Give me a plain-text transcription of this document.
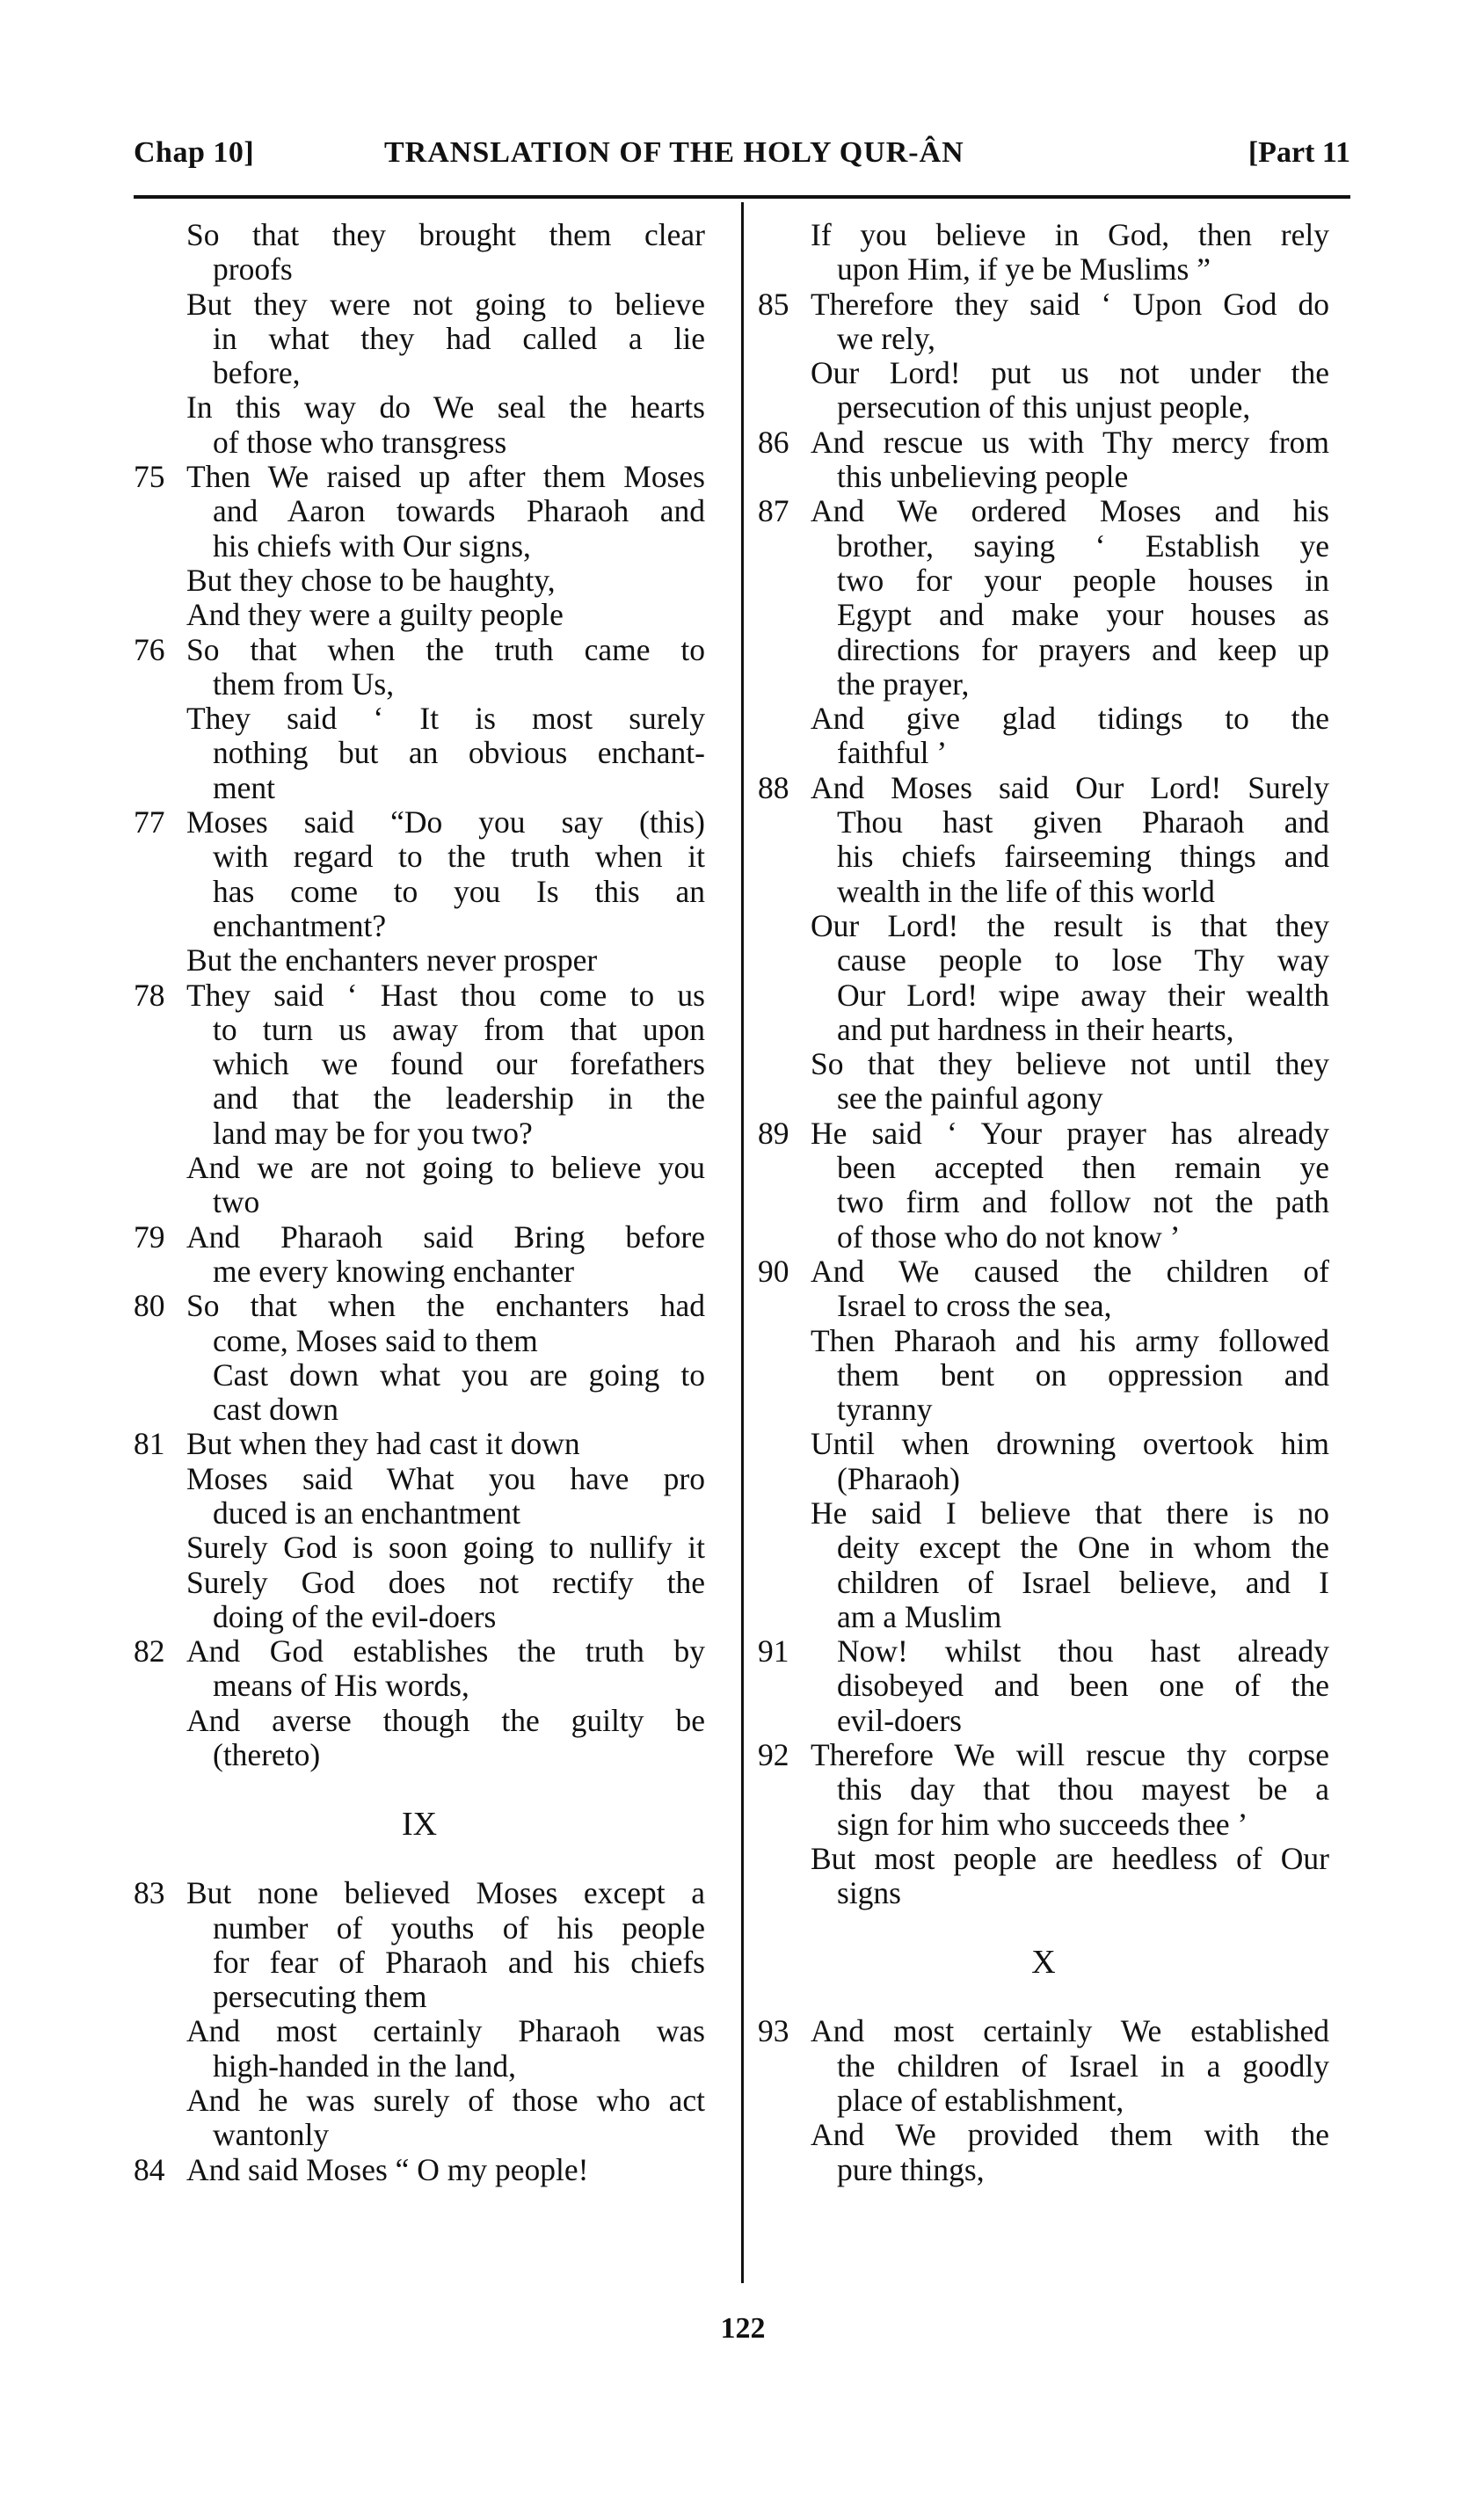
Chap 10]	TRANSLATION OF THE HOLY QUR-ÂN	[Part 11
So that they brought them clear
proofs
But they were not going to believe
in what they had called a lie
before,
In this way do We seal the hearts
of those who transgress
75 Then We raised up after them Moses
and Aaron towards Pharaoh and
his chiefs with Our signs,
But they chose to be haughty,
And they were a guilty people
76 So that when the truth came to
them from Us,
They said ‘ It is most surely
nothing but an obvious enchant-
ment
77 Moses said “Do you say (this)
with regard to the truth when it
has come to you Is this an
enchantment?
But the enchanters never prosper
78 They said ‘ Hast thou come to us
to turn us away from that upon
which we found our forefathers
and that the leadership in the
land may be for you two?
And we are not going to believe you
two
79 And Pharaoh said Bring before
me every knowing enchanter
80 So that when the enchanters had
come, Moses said to them
Cast down what you are going to
cast down
81 But when they had cast it down
Moses said What you have pro
duced is an enchantment
Surely God is soon going to nullify it
Surely God does not rectify the
doing of the evil-doers
82 And God establishes the truth by
means of His words,
And averse though the guilty be
(thereto)
IX
83 But none believed Moses except a
number of youths of his people
for fear of Pharaoh and his chiefs
persecuting them
And most certainly Pharaoh was
high-handed in the land,
And he was surely of those who act
wantonly
84 And said Moses “ O my people!
If you believe in God, then rely
upon Him, if ye be Muslims ”
85 Therefore they said ‘ Upon God do
we rely,
Our Lord! put us not under the
persecution of this unjust people,
86 And rescue us with Thy mercy from
this unbelieving people
87 And We ordered Moses and his
brother, saying ‘ Establish ye
two for your people houses in
Egypt and make your houses as
directions for prayers and keep up
the prayer,
And give glad tidings to the
faithful ’
88 And Moses said Our Lord! Surely
Thou hast given Pharaoh and
his chiefs fairseeming things and
wealth in the life of this world
Our Lord! the result is that they
cause people to lose Thy way
Our Lord! wipe away their wealth
and put hardness in their hearts,
So that they believe not until they
see the painful agony
89 He said ‘ Your prayer has already
been accepted then remain ye
two firm and follow not the path
of those who do not know ’
90 And We caused the children of
Israel to cross the sea,
Then Pharaoh and his army followed
them bent on oppression and
tyranny
Until when drowning overtook him
(Pharaoh)
He said I believe that there is no
deity except the One in whom the
children of Israel believe, and I
am a Muslim
91	Now! whilst thou hast already
disobeyed and been one of the
evil-doers
92 Therefore We will rescue thy corpse
this day that thou mayest be a
sign for him who succeeds thee ’
But most people are heedless of Our
signs
X
93 And most certainly We established
the children of Israel in a goodly
place of establishment,
And We provided them with the
pure things,
122
